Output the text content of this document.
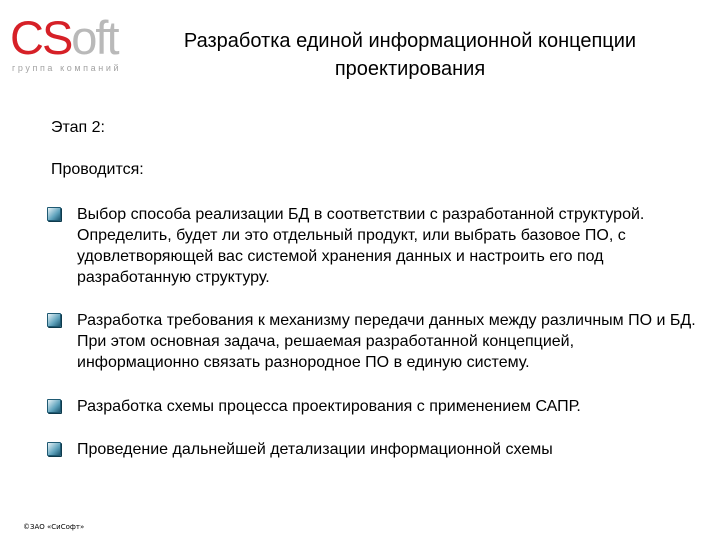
CSoft
группа компаний
Разработка единой информационной концепции проектирования
Этап 2:
Проводится:
Выбор способа реализации БД в соответствии с разработанной структурой. Определить, будет ли это отдельный продукт, или выбрать базовое ПО, с удовлетворяющей вас системой хранения данных и настроить его под разработанную структуру.
Разработка требования к механизму передачи данных между различным ПО и БД. При этом основная задача, решаемая разработанной концепцией, информационно связать разнородное ПО в единую систему.
Разработка схемы процесса проектирования с применением САПР.
Проведение дальнейшей детализации информационной схемы
©ЗАО «СиСофт»
